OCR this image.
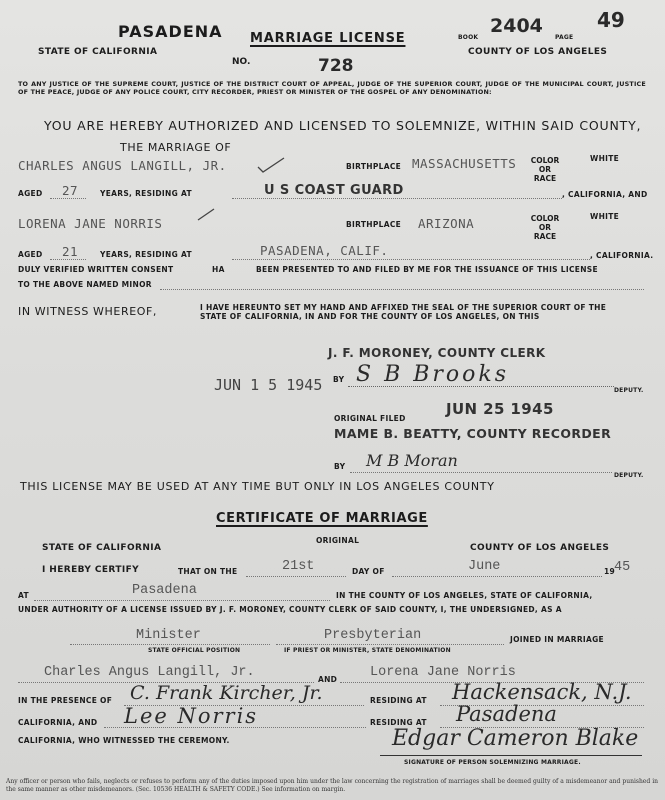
PASADENA MARRIAGE LICENSE
STATE OF CALIFORNIA
NO.	728
BOOK
2404
PAGE
49
COUNTY OF LOS ANGELES
TO ANY JUSTICE OF THE SUPREME COURT, JUSTICE OF THE DISTRICT COURT OF APPEAL, JUDGE OF THE SUPERIOR COURT, JUDGE OF THE MUNICIPAL COURT, JUSTICE OF THE PEACE, JUDGE OF ANY POLICE COURT, CITY RECORDER, PRIEST OR MINISTER OF THE GOSPEL OF ANY DENOMINATION:
YOU ARE HEREBY AUTHORIZED AND LICENSED TO SOLEMNIZE, WITHIN SAID COUNTY,
THE MARRIAGE OF
CHARLES ANGUS LANGILL, JR.	BIRTHPLACE MASSACHUSETTS COLOR OR RACE
WHITE
AGED 27	YEARS, RESIDING AT	U S COAST GUARD	, CALIFORNIA, AND
LORENA JANE NORRIS	BIRTHPLACE ARIZONA	COLOR OR RACE
WHITE
AGED 21	YEARS, RESIDING AT	PASADENA, CALIF.	, CALIFORNIA.
DULY VERIFIED WRITTEN CONSENT	HA	BEEN PRESENTED TO AND FILED BY ME FOR THE ISSUANCE OF THIS LICENSE
TO THE ABOVE NAMED MINOR
IN WITNESS WHEREOF,	I HAVE HEREUNTO SET MY HAND AND AFFIXED THE SEAL OF THE SUPERIOR COURT OF THE
STATE OF CALIFORNIA, IN AND FOR THE COUNTY OF LOS ANGELES, ON THIS
J. F. MORONEY, COUNTY CLERK
JUN 1 5 1945 BY S B Brooks
DEPUTY.
ORIGINAL FILED
JUN 25 1945
MAME B. BEATTY, COUNTY RECORDER
BY M B Moran
DEPUTY.
THIS LICENSE MAY BE USED AT ANY TIME BUT ONLY IN LOS ANGELES COUNTY
CERTIFICATE OF MARRIAGE
ORIGINAL
STATE OF CALIFORNIA	COUNTY OF LOS ANGELES
I HEREBY CERTIFY	THAT ON THE	21st	DAY OF	June	19
45
AT	Pasadena	IN THE COUNTY OF LOS ANGELES, STATE OF CALIFORNIA,
UNDER AUTHORITY OF A LICENSE ISSUED BY J. F. MORONEY, COUNTY CLERK OF SAID COUNTY, I, THE UNDERSIGNED, AS A
Minister
STATE OFFICIAL POSITION
Presbyterian
IF PRIEST OR MINISTER, STATE DENOMINATION
JOINED IN MARRIAGE
Charles Angus Langill, Jr.	AND Lorena Jane Norris
IN THE PRESENCE OF C. Frank Kircher, Jr.	RESIDING AT Hackensack, N.J.
CALIFORNIA, AND Lee Norris	RESIDING AT Pasadena
CALIFORNIA, WHO WITNESSED THE CEREMONY.	Edgar Cameron Blake
SIGNATURE OF PERSON SOLEMNIZING MARRIAGE.
Any officer or person who fails, neglects or refuses to perform any of the duties imposed upon him under the law concerning the registration of marriages shall be deemed guilty of a misdemeanor and punished in the same manner as other misdemeanors. (Sec. 10536 HEALTH & SAFETY CODE.) See information on margin.
